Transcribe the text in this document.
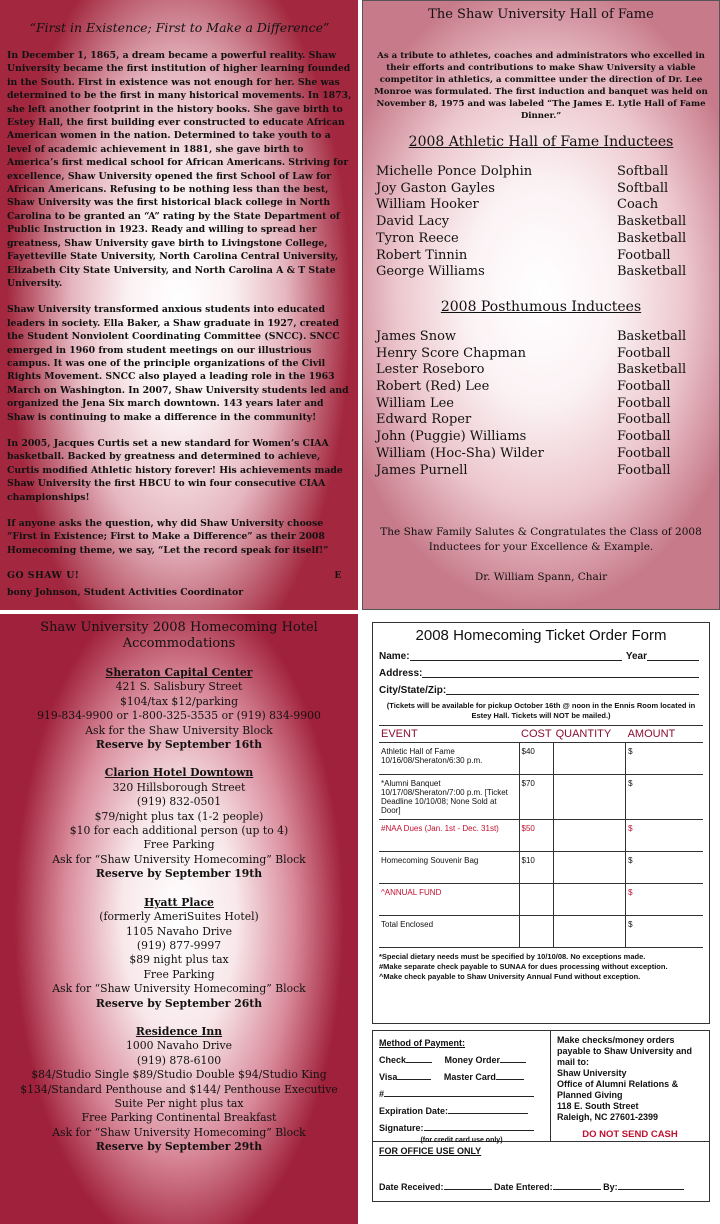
“First in Existence; First to Make a Difference”

In December 1, 1865, a dream became a powerful reality. Shaw University became the first institution of higher learning founded in the South. First in existence was not enough for her. She was determined to be the first in many historical movements. In 1873, she left another footprint in the history books. She gave birth to Estey Hall, the first building ever constructed to educate African American women in the nation. Determined to take youth to a level of academic achievement in 1881, she gave birth to America’s first medical school for African Americans. Striving for excellence, Shaw University opened the first School of Law for African Americans. Refusing to be nothing less than the best, Shaw University was the first historical black college in North Carolina to be granted an “A” rating by the State Department of Public Instruction in 1923. Ready and willing to spread her greatness, Shaw University gave birth to Livingstone College, Fayetteville State University, North Carolina Central University, Elizabeth City State University, and North Carolina A & T State University.

Shaw University transformed anxious students into educated leaders in society. Ella Baker, a Shaw graduate in 1927, created the Student Nonviolent Coordinating Committee (SNCC). SNCC emerged in 1960 from student meetings on our illustrious campus. It was one of the principle organizations of the Civil Rights Movement. SNCC also played a leading role in the 1963 March on Washington. In 2007, Shaw University students led and organized the Jena Six march downtown. 143 years later and Shaw is continuing to make a difference in the community!

In 2005, Jacques Curtis set a new standard for Women’s CIAA basketball. Backed by greatness and determined to achieve, Curtis modified Athletic history forever! His achievements made Shaw University the first HBCU to win four consecutive CIAA championships!

If anyone asks the question, why did Shaw University choose “First in Existence; First to Make a Difference” as their 2008 Homecoming theme, we say, “Let the record speak for itself!”

GO SHAW U!	E
bony Johnson, Student Activities Coordinator
The Shaw University Hall of Fame
As a tribute to athletes, coaches and administrators who excelled in their efforts and contributions to make Shaw University a viable competitor in athletics, a committee under the direction of Dr. Lee Monroe was formulated. The first induction and banquet was held on November 8, 1975 and was labeled “The James E. Lytle Hall of Fame Dinner.”
2008 Athletic Hall of Fame Inductees
Michelle Ponce Dolphin	Softball
Joy Gaston Gayles	Softball
William Hooker	Coach
David Lacy	Basketball
Tyron Reece	Basketball
Robert Tinnin	Football
George Williams	Basketball
2008 Posthumous Inductees
James Snow	Basketball
Henry Score Chapman	Football
Lester Roseboro	Basketball
Robert (Red) Lee	Football
William Lee	Football
Edward Roper	Football
John (Puggie) Williams	Football
William (Hoc-Sha) Wilder	Football
James Purnell	Football
The Shaw Family Salutes & Congratulates the Class of 2008 Inductees for your Excellence & Example.
Dr. William Spann, Chair
Shaw University 2008 Homecoming Hotel Accommodations
Sheraton Capital Center
421 S. Salisbury Street
$104/tax $12/parking
919-834-9900 or 1-800-325-3535 or (919) 834-9900
Ask for the Shaw University Block
Reserve by September 16th
Clarion Hotel Downtown
320 Hillsborough Street
(919) 832-0501
$79/night plus tax (1-2 people)
$10 for each additional person (up to 4)
Free Parking
Ask for “Shaw University Homecoming” Block
Reserve by September 19th
Hyatt Place
(formerly AmeriSuites Hotel)
1105 Navaho Drive
(919) 877-9997
$89 night plus tax
Free Parking
Ask for “Shaw University Homecoming” Block
Reserve by September 26th
Residence Inn
1000 Navaho Drive
(919) 878-6100
$84/Studio Single $89/Studio Double $94/Studio King
$134/Standard Penthouse and $144/ Penthouse Executive Suite Per night plus tax
Free Parking Continental Breakfast
Ask for “Shaw University Homecoming” Block
Reserve by September 29th
2008 Homecoming Ticket Order Form
Name:	Year
Address:
City/State/Zip:
(Tickets will be available for pickup October 16th @ noon in the Ennis Room located in Estey Hall. Tickets will NOT be mailed.)
EVENT	COST	QUANTITY	AMOUNT
Athletic Hall of Fame 10/16/08/Sheraton/6:30 p.m.	$40		$
*Alumni Banquet 10/17/08/Sheraton/7:00 p.m. [Ticket Deadline 10/10/08; None Sold at Door]	$70		$
#NAA Dues (Jan. 1st - Dec. 31st)	$50		$
Homecoming Souvenir Bag	$10		$
^ANNUAL FUND			$
Total Enclosed			$
*Special dietary needs must be specified by 10/10/08. No exceptions made.
#Make separate check payable to SUNAA for dues processing without exception.
^Make check payable to Shaw University Annual Fund without exception.
Method of Payment:
Check	Money Order
Visa	Master Card
#
Expiration Date:
Signature:
(for credit card use only)
Make checks/money orders payable to Shaw University and mail to:
Shaw University
Office of Alumni Relations & Planned Giving
118 E. South Street
Raleigh, NC 27601-2399
DO NOT SEND CASH
FOR OFFICE USE ONLY
Date Received:	Date Entered:	By:
